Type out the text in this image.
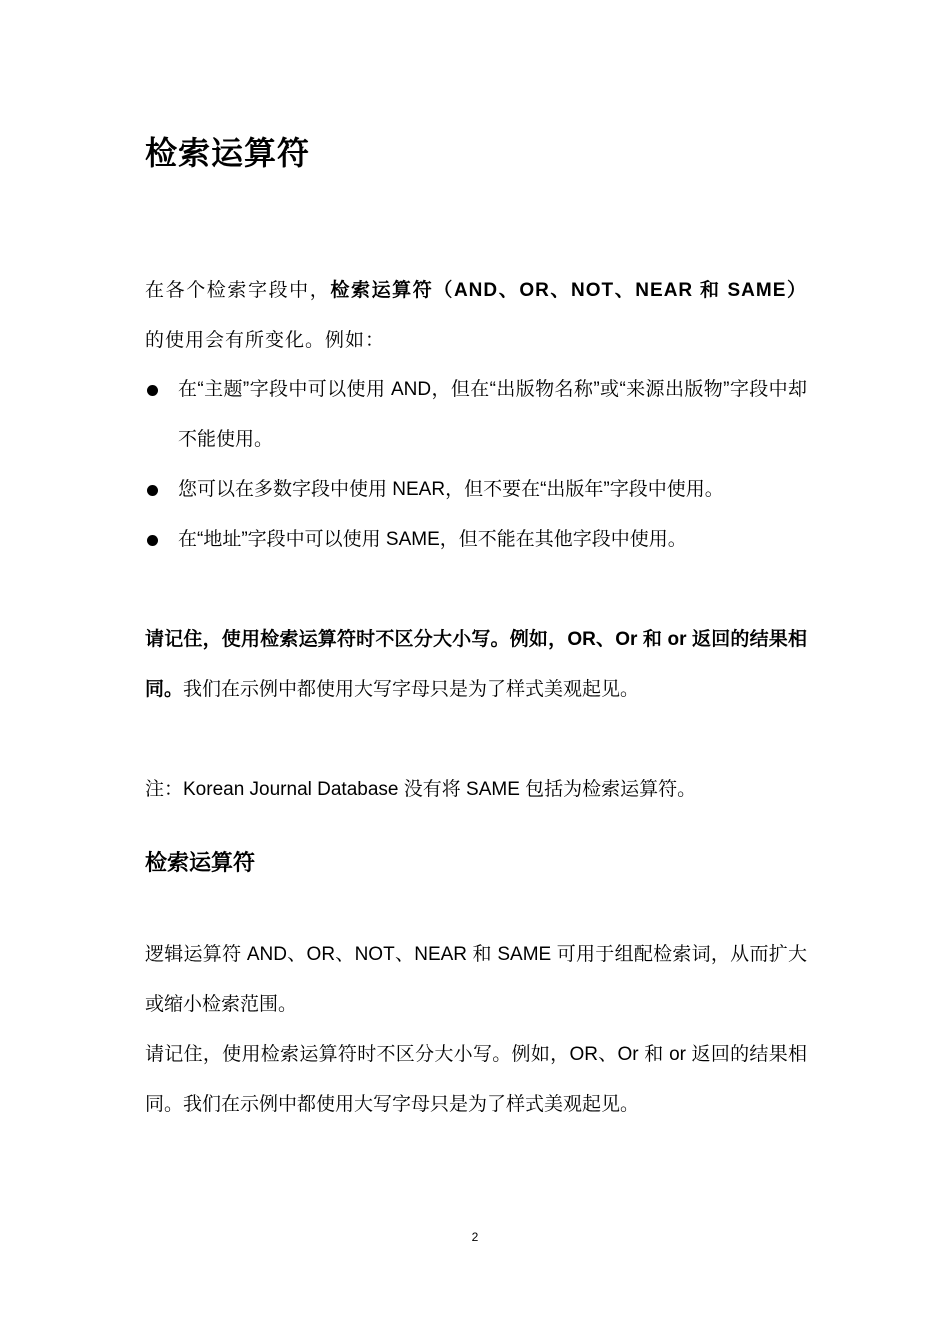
检索运算符

在各个检索字段中，检索运算符（AND、OR、NOT、NEAR 和 SAME）的使用会有所变化。例如：

在“主题”字段中可以使用 AND，但在“出版物名称”或“来源出版物”字段中却不能使用。
您可以在多数字段中使用 NEAR，但不要在“出版年”字段中使用。
在“地址”字段中可以使用 SAME，但不能在其他字段中使用。

请记住，使用检索运算符时不区分大小写。例如，OR、Or 和 or 返回的结果相同。我们在示例中都使用大写字母只是为了样式美观起见。

注：Korean Journal Database 没有将 SAME 包括为检索运算符。

检索运算符

逻辑运算符 AND、OR、NOT、NEAR 和 SAME 可用于组配检索词，从而扩大或缩小检索范围。

请记住，使用检索运算符时不区分大小写。例如，OR、Or 和 or 返回的结果相同。我们在示例中都使用大写字母只是为了样式美观起见。

2
